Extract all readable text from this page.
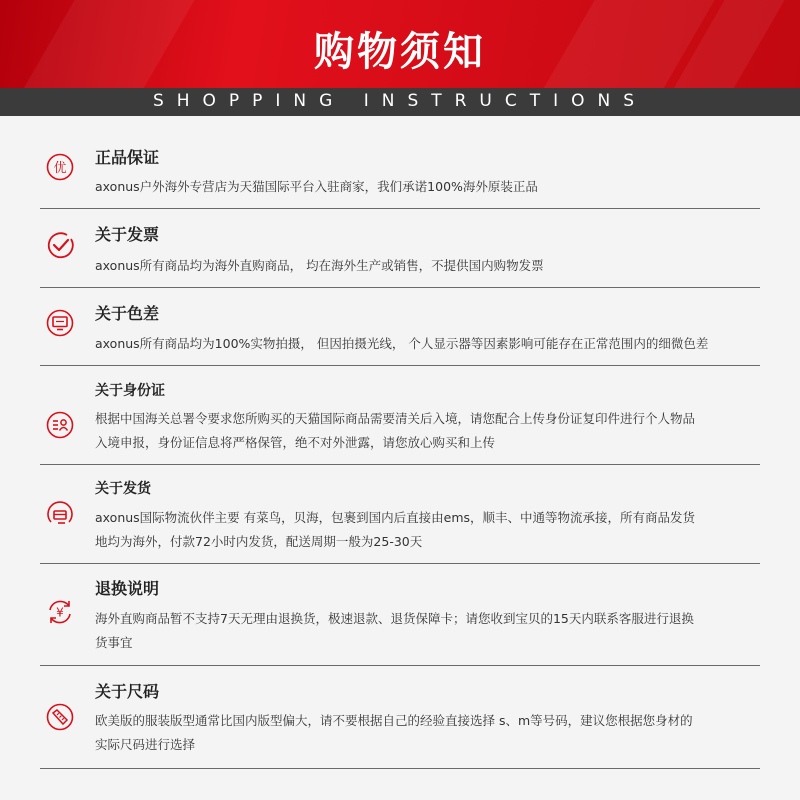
购物须知
SHOPPING INSTRUCTIONS
优
正品保证
axonus户外海外专营店为天猫国际平台入驻商家，我们承诺100%海外原装正品
关于发票
axonus所有商品均为海外直购商品， 均在海外生产或销售，不提供国内购物发票
关于色差
axonus所有商品均为100%实物拍摄， 但因拍摄光线， 个人显示器等因素影响可能存在正常范围内的细微色差
关于身份证
根据中国海关总署令要求您所购买的天猫国际商品需要清关后入境，请您配合上传身份证复印件进行个人物品
入境申报，身份证信息将严格保管，绝不对外泄露，请您放心购买和上传
关于发货
axonus国际物流伙伴主要 有菜鸟，贝海，包裹到国内后直接由ems，顺丰、中通等物流承接，所有商品发货
地均为海外，付款72小时内发货，配送周期一般为25-30天
¥
退换说明
海外直购商品暂不支持7天无理由退换货，极速退款、退货保障卡；请您收到宝贝的15天内联系客服进行退换
货事宜
关于尺码
欧美版的服装版型通常比国内版型偏大，请不要根据自己的经验直接选择 s、m等号码，建议您根据您身材的
实际尺码进行选择
